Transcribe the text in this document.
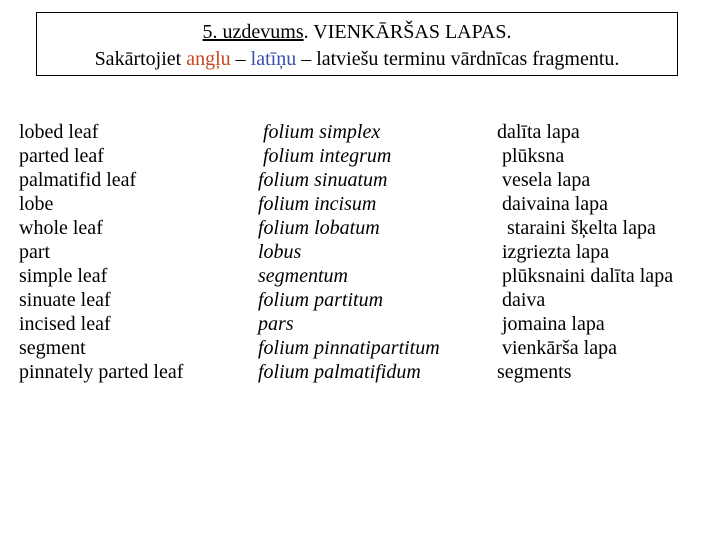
5. uzdevums. VIENKĀRŠAS LAPAS.
Sakārtojiet angļu – latīņu – latviešu terminu vārdnīcas fragmentu.
lobed leaf
parted leaf
palmatifid leaf
lobe
whole leaf
part
simple leaf
sinuate leaf
incised leaf
segment
pinnately parted leaf
folium simplex
folium integrum
folium sinuatum
folium incisum
folium lobatum
lobus
segmentum
folium partitum
pars
folium pinnatipartitum
folium palmatifidum
dalīta lapa
plūksna
vesela lapa
daivaina lapa
staraini šķelta lapa
izgriezta lapa
plūksnaini dalīta lapa
daiva
jomaina lapa
vienkārša lapa
segments
